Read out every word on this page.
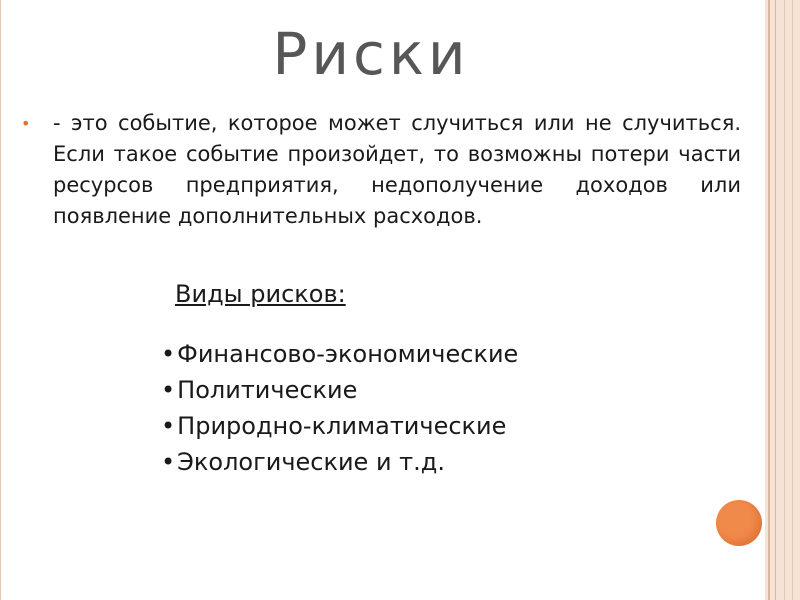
Риски
• - это событие, которое может случиться или не случиться. Если такое событие произойдет, то возможны потери части ресурсов предприятия, недополучение доходов или появление дополнительных расходов.
Виды рисков:
• Финансово-экономические
• Политические
• Природно-климатические
• Экологические и т.д.
